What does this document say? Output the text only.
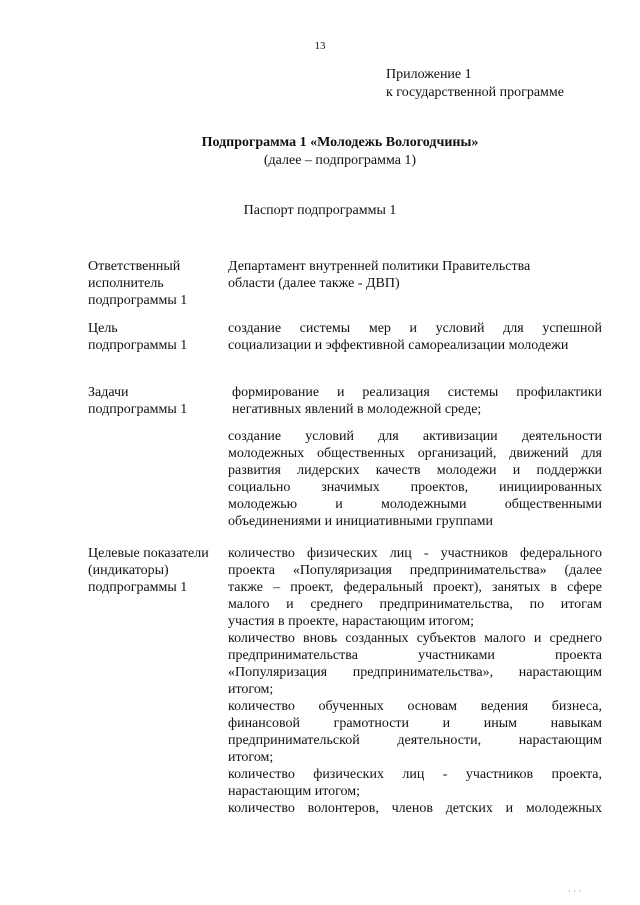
13
Приложение 1
к государственной программе
Подпрограмма 1 «Молодежь Вологодчины»
(далее – подпрограмма 1)
Паспорт подпрограммы 1
Ответственный
исполнитель
подпрограммы 1
Департамент внутренней политики Правительства
области (далее также - ДВП)
Цель
подпрограммы 1
создание системы мер и условий для успешной
социализации и эффективной самореализации молодежи
Задачи
подпрограммы 1
формирование и реализация системы профилактики
негативных явлений в молодежной среде;
создание условий для активизации деятельности
молодежных общественных организаций, движений для
развития лидерских качеств молодежи и поддержки
социально значимых проектов, инициированных
молодежью и молодежными общественными
объединениями и инициативными группами
Целевые показатели
(индикаторы)
подпрограммы 1
количество физических лиц - участников федерального
проекта «Популяризация предпринимательства» (далее
также – проект, федеральный проект), занятых в сфере
малого и среднего предпринимательства, по итогам
участия в проекте, нарастающим итогом;
количество вновь созданных субъектов малого и среднего
предпринимательства участниками проекта
«Популяризация предпринимательства», нарастающим
итогом;
количество обученных основам ведения бизнеса,
финансовой грамотности и иным навыкам
предпринимательской деятельности, нарастающим
итогом;
количество физических лиц - участников проекта,
нарастающим итогом;
количество волонтеров, членов детских и молодежных
· · ·
